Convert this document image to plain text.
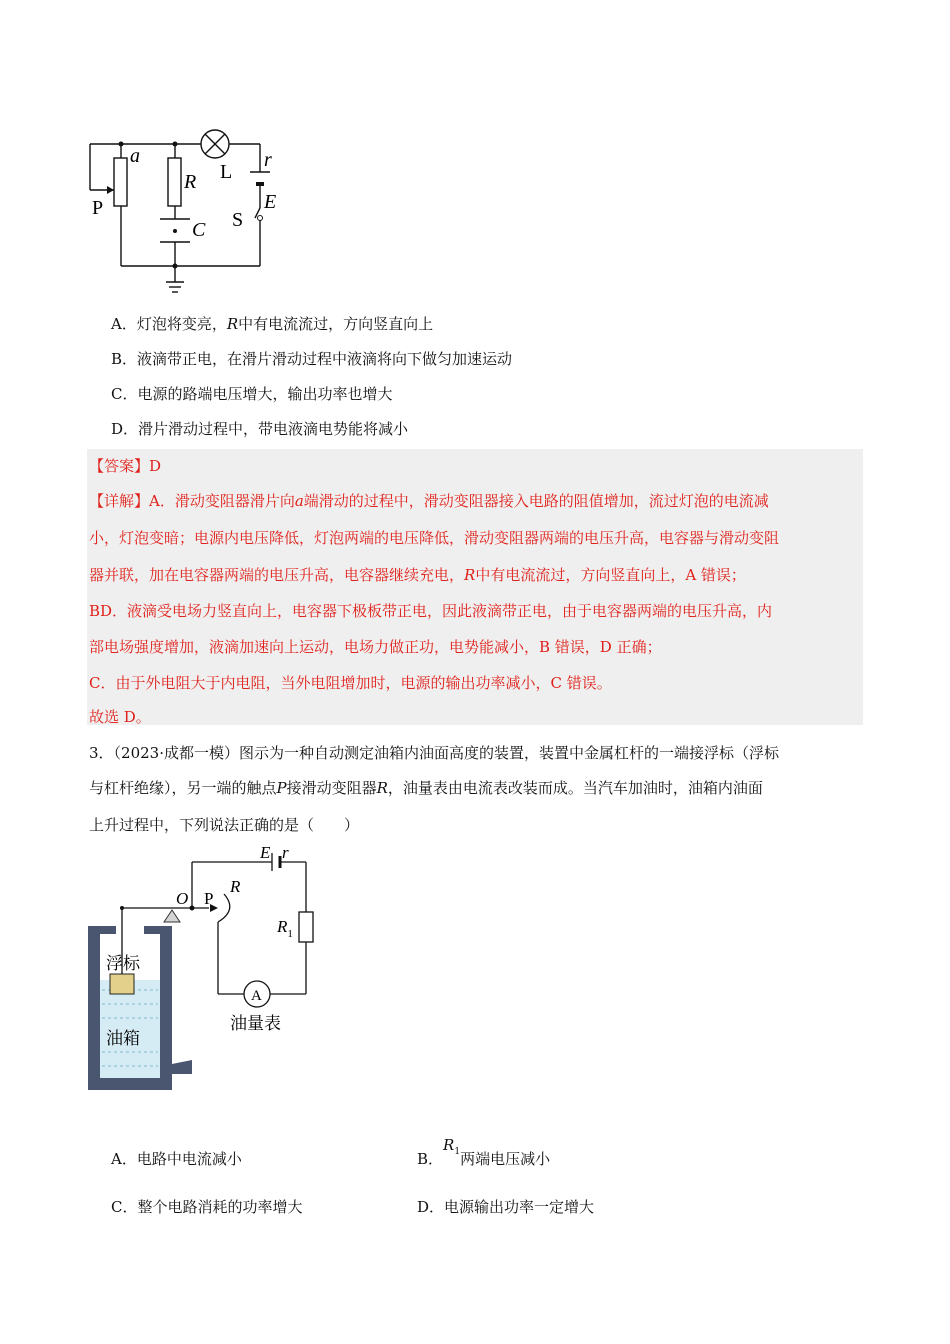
a
R L
r
P
S
E
C
A．灯泡将变亮，R中有电流流过，方向竖直向上
B．液滴带正电，在滑片滑动过程中液滴将向下做匀加速运动
C．电源的路端电压增大，输出功率也增大
D．滑片滑动过程中，带电液滴电势能将减小
【答案】D
【详解】A．滑动变阻器滑片向a端滑动的过程中，滑动变阻器接入电路的阻值增加，流过灯泡的电流减
小，灯泡变暗；电源内电压降低，灯泡两端的电压降低，滑动变阻器两端的电压升高，电容器与滑动变阻
器并联，加在电容器两端的电压升高，电容器继续充电，R中有电流流过，方向竖直向上，A 错误；
BD．液滴受电场力竖直向上，电容器下极板带正电，因此液滴带正电，由于电容器两端的电压升高，内
部电场强度增加，液滴加速向上运动，电场力做正功，电势能减小，B 错误，D 正确；
C．由于外电阻大于内电阻，当外电阻增加时，电源的输出功率减小，C 错误。
故选 D。
3．（2023·成都一模）图示为一种自动测定油箱内油面高度的装置，装置中金属杠杆的一端接浮标（浮标
与杠杆绝缘），另一端的触点P接滑动变阻器R，油量表由电流表改装而成。当汽车加油时，油箱内油面
上升过程中，下列说法正确的是（　　）
A
E r
O P
R
$R_1$
浮标
油箱
油量表
A．电路中电流减小	B．$R^1$两端电压减小
C．整个电路消耗的功率增大	D．电源输出功率一定增大
